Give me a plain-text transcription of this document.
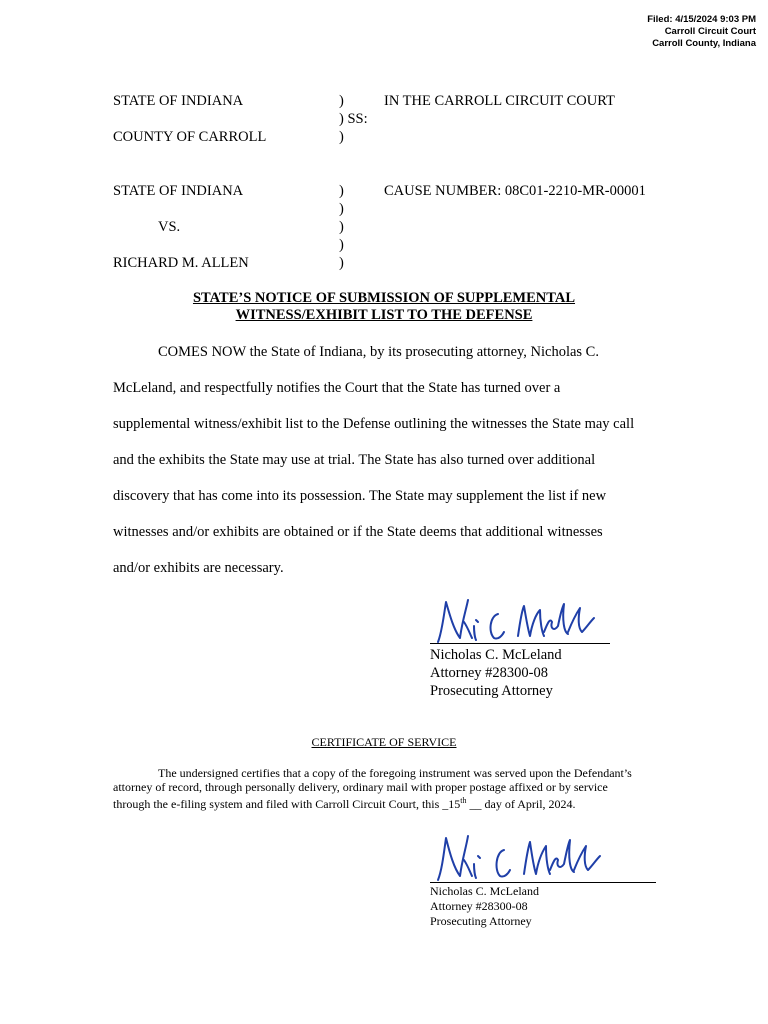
Filed: 4/15/2024 9:03 PM
Carroll Circuit Court
Carroll County, Indiana
STATE OF INDIANA	)	IN THE CARROLL CIRCUIT COURT
) SS:
COUNTY OF CARROLL	)
STATE OF INDIANA	)	CAUSE NUMBER: 08C01-2210-MR-00001
)
VS.	)
)
RICHARD M. ALLEN	)
STATE’S NOTICE OF SUBMISSION OF SUPPLEMENTAL
WITNESS/EXHIBIT LIST TO THE DEFENSE
COMES NOW the State of Indiana, by its prosecuting attorney, Nicholas C.
McLeland, and respectfully notifies the Court that the State has turned over a
supplemental witness/exhibit list to the Defense outlining the witnesses the State may call
and the exhibits the State may use at trial. The State has also turned over additional
discovery that has come into its possession. The State may supplement the list if new
witnesses and/or exhibits are obtained or if the State deems that additional witnesses
and/or exhibits are necessary.
Nicholas C. McLeland
Attorney #28300-08
Prosecuting Attorney
CERTIFICATE OF SERVICE
The undersigned certifies that a copy of the foregoing instrument was served upon the Defendant’s
attorney of record, through personally delivery, ordinary mail with proper postage affixed or by service
through the e-filing system and filed with Carroll Circuit Court, this _15th __ day of April, 2024.
Nicholas C. McLeland
Attorney #28300-08
Prosecuting Attorney
